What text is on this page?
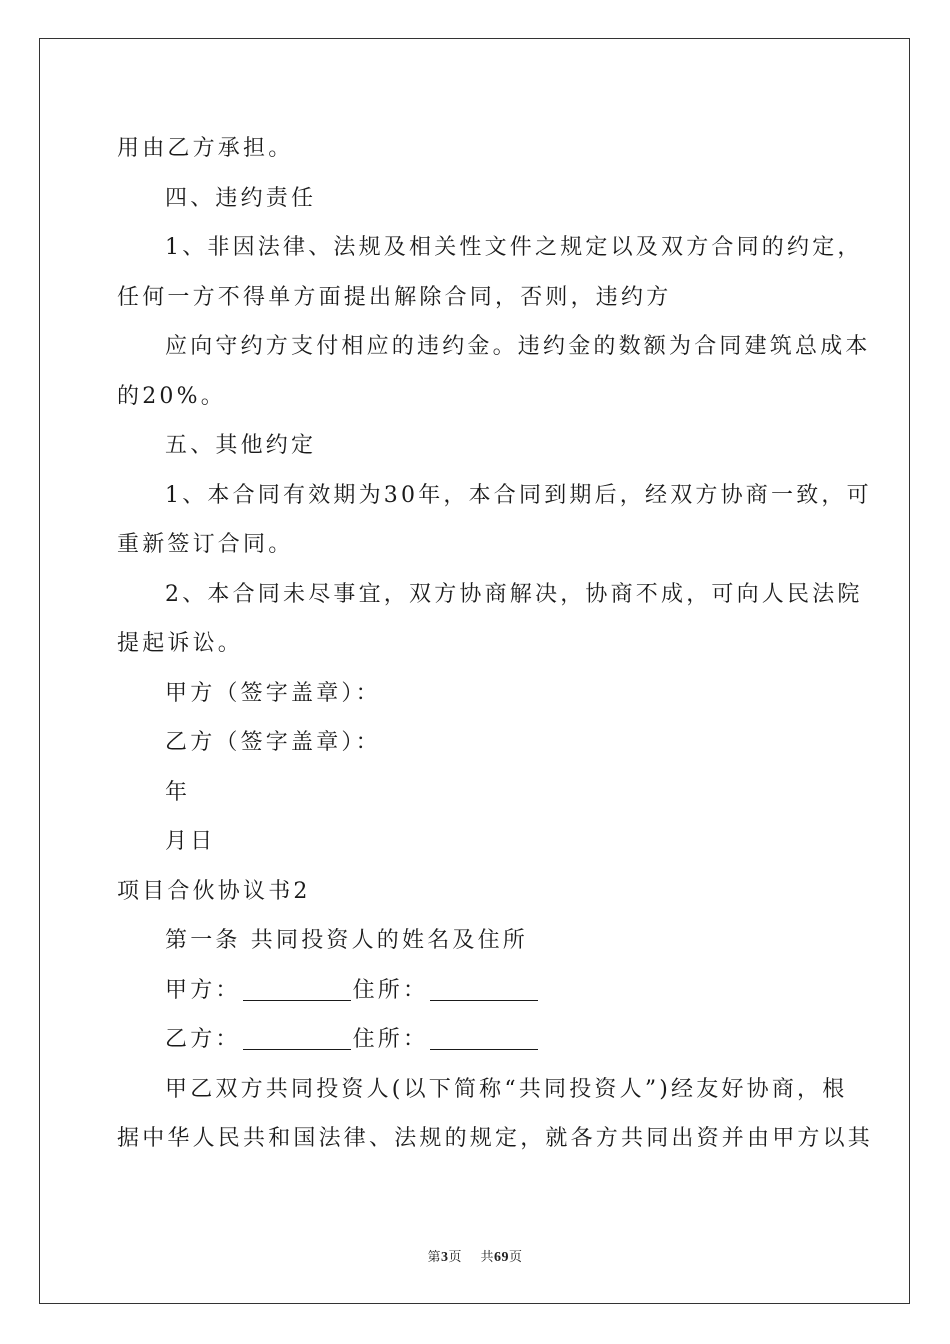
用由乙方承担。
四、违约责任
1、非因法律、法规及相关性文件之规定以及双方合同的约定，
任何一方不得单方面提出解除合同，否则，违约方
应向守约方支付相应的违约金。违约金的数额为合同建筑总成本
的20%。
五、其他约定
1、本合同有效期为30年，本合同到期后，经双方协商一致，可
重新签订合同。
2、本合同未尽事宜，双方协商解决，协商不成，可向人民法院
提起诉讼。
甲方（签字盖章）：
乙方（签字盖章）：
年
月日
项目合伙协议书2
第一条 共同投资人的姓名及住所
甲方：	住所：
乙方：	住所：
甲乙双方共同投资人(以下简称“共同投资人”)经友好协商，根
据中华人民共和国法律、法规的规定，就各方共同出资并由甲方以其
第3页 共69页
